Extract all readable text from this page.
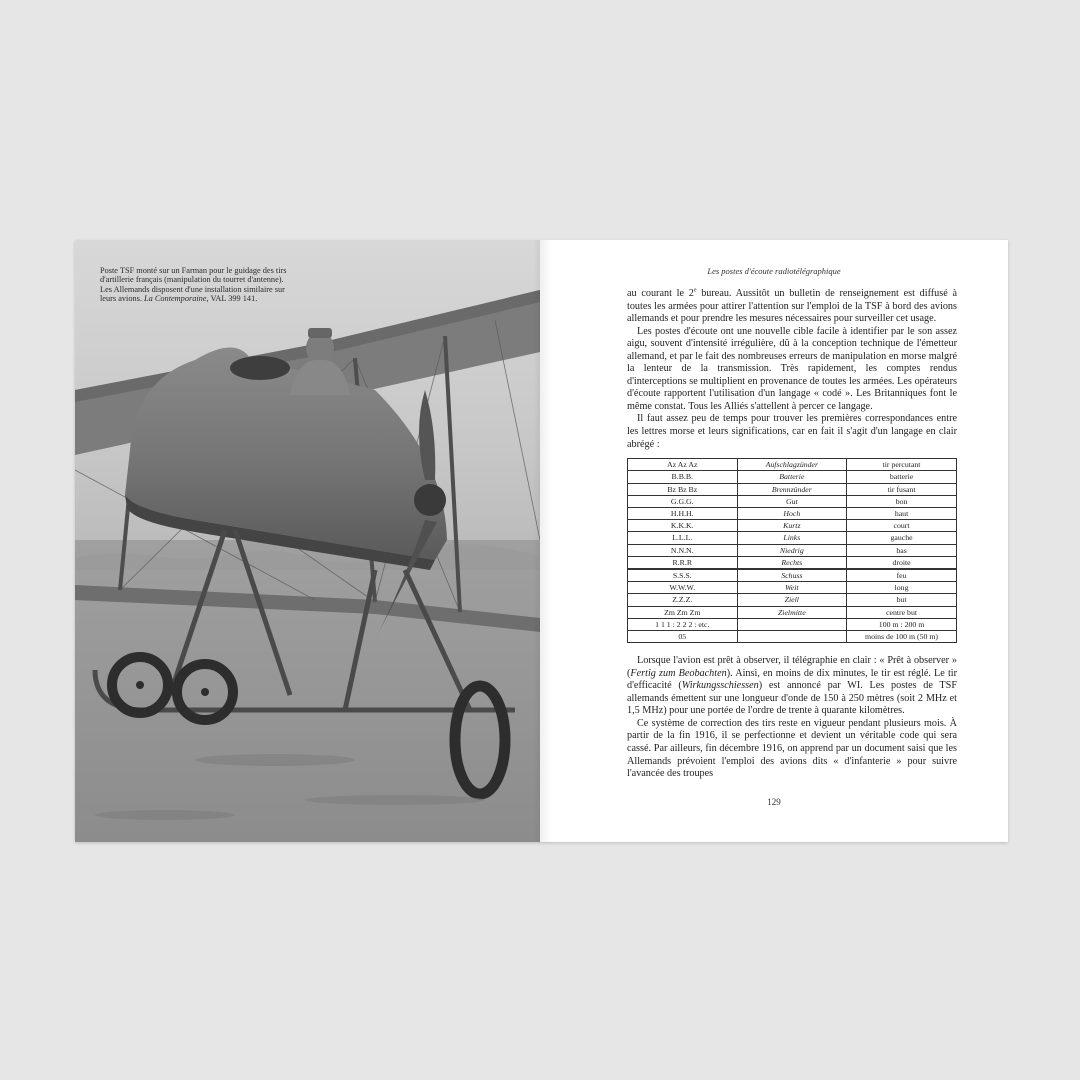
Poste TSF monté sur un Farman pour le guidage des tirs
d'artillerie français (manipulation du tourret d'antenne).
Les Allemands disposent d'une installation similaire sur
leurs avions. La Contemporaine, VAL 399 141.
Les postes d'écoute radiotélégraphique

au courant le 2e bureau. Aussitôt un bulletin de renseignement est diffusé à toutes les armées pour attirer l'attention sur l'emploi de la TSF à bord des avions allemands et pour prendre les mesures nécessaires pour surveiller cet usage.

Les postes d'écoute ont une nouvelle cible facile à identifier par le son assez aigu, souvent d'intensité irrégulière, dû à la conception technique de l'émetteur allemand, et par le fait des nombreuses erreurs de manipulation en morse malgré la lenteur de la transmission. Très rapidement, les comptes rendus d'interceptions se multiplient en provenance de toutes les armées. Les opérateurs d'écoute rapportent l'utilisation d'un langage « codé ». Les Britanniques font le même constat. Tous les Alliés s'attellent à percer ce langage.

Il faut assez peu de temps pour trouver les premières correspondances entre les lettres morse et leurs significations, car en fait il s'agit d'un langage en clair abrégé :

Az Az Az	Aufschlagzünder	tir percutant
B.B.B.	Batterie	batterie
Bz Bz Bz	Brennzünder	tir fusant
G.G.G.	Gut	bon
H.H.H.	Hoch	haut
K.K.K.	Kurtz	court
L.L.L.	Links	gauche
N.N.N.	Niedrig	bas
R.R.R	Rechts	droite
S.S.S.	Schuss	feu
W.W.W.	Weit	long
Z.Z.Z.	Ziell	but
Zm Zm Zm	Zielmitte	centre but
1 1 1 : 2 2 2 : etc.		100 m : 200 m
05		moins de 100 m (50 m)

Lorsque l'avion est prêt à observer, il télégraphie en clair : « Prêt à observer » (Fertig zum Beobachten). Ainsi, en moins de dix minutes, le tir est réglé. Le tir d'efficacité (Wirkungsschiessen) est annoncé par WI. Les postes de TSF allemands émettent sur une longueur d'onde de 150 à 250 mètres (soit 2 MHz et 1,5 MHz) pour une portée de l'ordre de trente à quarante kilomètres.

Ce système de correction des tirs reste en vigueur pendant plusieurs mois. À partir de la fin 1916, il se perfectionne et devient un véritable code qui sera cassé. Par ailleurs, fin décembre 1916, on apprend par un document saisi que les Allemands prévoient l'emploi des avions dits « d'infanterie » pour suivre l'avancée des troupes

129
